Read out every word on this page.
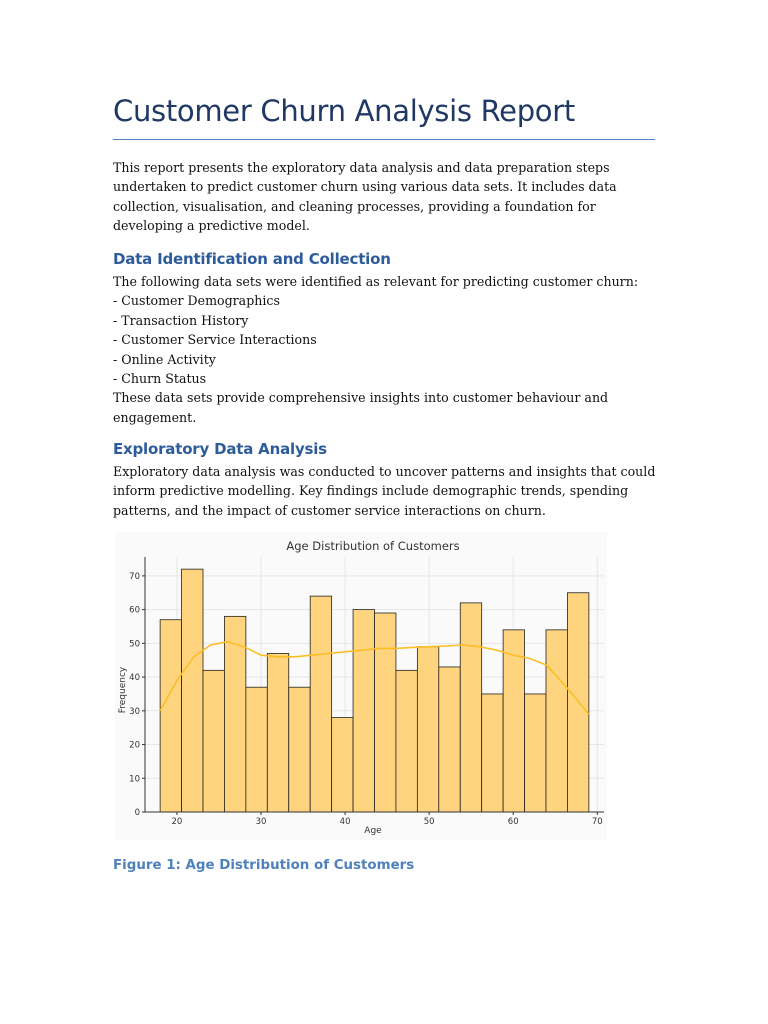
Customer Churn Analysis Report

This report presents the exploratory data analysis and data preparation steps undertaken to predict customer churn using various data sets. It includes data collection, visualisation, and cleaning processes, providing a foundation for developing a predictive model.

Data Identification and Collection
The following data sets were identified as relevant for predicting customer churn:
- Customer Demographics
- Transaction History
- Customer Service Interactions
- Online Activity
- Churn Status
These data sets provide comprehensive insights into customer behaviour and engagement.
Exploratory Data Analysis

Exploratory data analysis was conducted to uncover patterns and insights that could inform predictive modelling. Key findings include demographic trends, spending patterns, and the impact of customer service interactions on churn.

Figure 1: Age Distribution of Customers

20	30	40	50	60	70
0
10
20
30
40
50
60
70
Age Distribution of Customers
Age
Frequency
